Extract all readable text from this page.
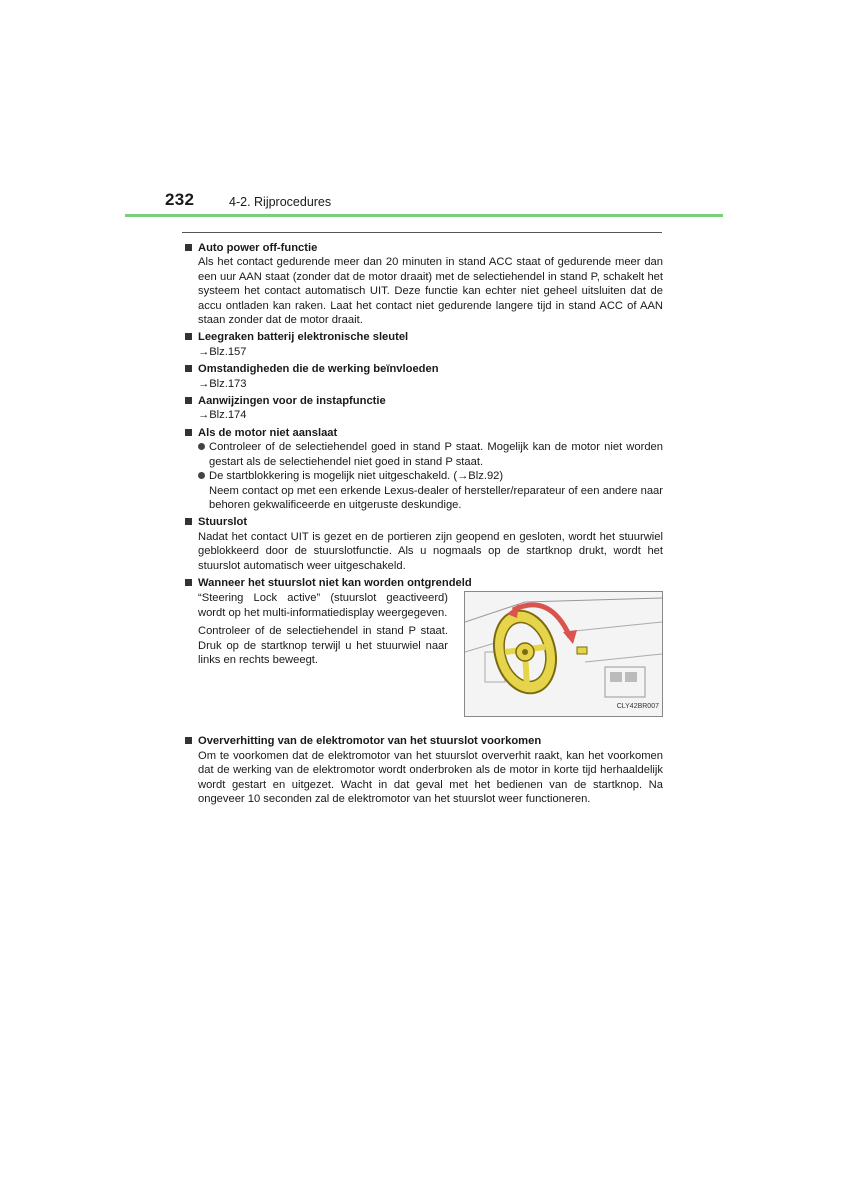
232	4-2. Rijprocedures
Auto power off-functie
Als het contact gedurende meer dan 20 minuten in stand ACC staat of gedurende meer dan een uur AAN staat (zonder dat de motor draait) met de selectiehendel in stand P, schakelt het systeem het contact automatisch UIT. Deze functie kan echter niet geheel uitsluiten dat de accu ontladen kan raken. Laat het contact niet gedurende langere tijd in stand ACC of AAN staan zonder dat de motor draait.
Leegraken batterij elektronische sleutel
→Blz.157
Omstandigheden die de werking beïnvloeden
→Blz.173
Aanwijzingen voor de instapfunctie
→Blz.174
Als de motor niet aanslaat
Controleer of de selectiehendel goed in stand P staat. Mogelijk kan de motor niet worden gestart als de selectiehendel niet goed in stand P staat.
De startblokkering is mogelijk niet uitgeschakeld. (→Blz.92)
Neem contact op met een erkende Lexus-dealer of hersteller/reparateur of een andere naar behoren gekwalificeerde en uitgeruste deskundige.
Stuurslot
Nadat het contact UIT is gezet en de portieren zijn geopend en gesloten, wordt het stuurwiel geblokkeerd door de stuurslotfunctie. Als u nogmaals op de startknop drukt, wordt het stuurslot automatisch weer uitgeschakeld.
Wanneer het stuurslot niet kan worden ontgrendeld
“Steering Lock active” (stuurslot geactiveerd) wordt op het multi-informatiedisplay weergegeven.
Controleer of de selectiehendel in stand P staat. Druk op de startknop terwijl u het stuurwiel naar links en rechts beweegt.
CLY42BR007
Oververhitting van de elektromotor van het stuurslot voorkomen
Om te voorkomen dat de elektromotor van het stuurslot oververhit raakt, kan het voorkomen dat de werking van de elektromotor wordt onderbroken als de motor in korte tijd herhaaldelijk wordt gestart en uitgezet. Wacht in dat geval met het bedienen van de startknop. Na ongeveer 10 seconden zal de elektromotor van het stuurslot weer functioneren.
